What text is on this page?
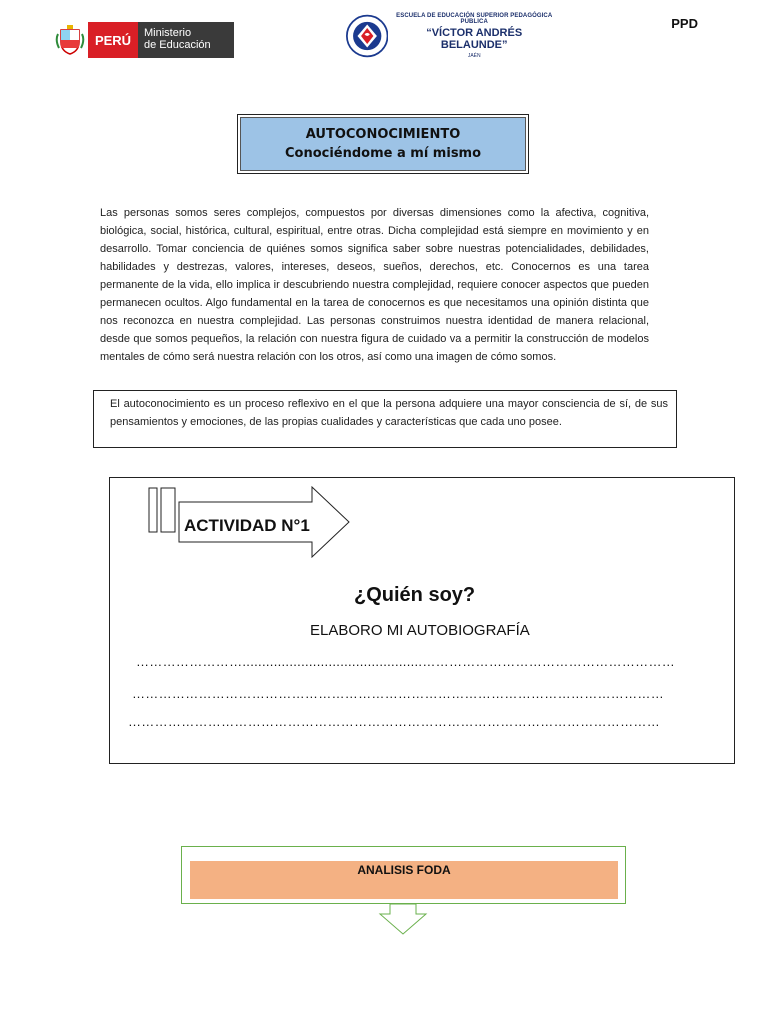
PERÚ	Ministerio
de Educación
ESCUELA DE EDUCACIÓN SUPERIOR PEDAGÓGICA PÚBLICA
“VÍCTOR ANDRÉS BELAUNDE”
JAÉN
PPD
AUTOCONOCIMIENTO
Conociéndome a mí mismo

Las personas somos seres complejos, compuestos por diversas dimensiones como la afectiva, cognitiva, biológica, social, histórica, cultural, espiritual, entre otras. Dicha complejidad está siempre en movimiento y en desarrollo. Tomar conciencia de quiénes somos significa saber sobre nuestras potencialidades, debilidades, habilidades y destrezas, valores, intereses, deseos, sueños, derechos, etc. Conocernos es una tarea permanente de la vida, ello implica ir descubriendo nuestra complejidad, requiere conocer aspectos que pueden permanecen ocultos. Algo fundamental en la tarea de conocernos es que necesitamos una opinión distinta que nos reconozca en nuestra complejidad. Las personas construimos nuestra identidad de manera relacional, desde que somos pequeños, la relación con nuestra figura de cuidado va a permitir la construcción de modelos mentales de cómo será nuestra relación con los otros, así como una imagen de cómo somos.

El autoconocimiento es un proceso reflexivo en el que la persona adquiere una mayor consciencia de sí, de sus pensamientos y emociones, de las propias cualidades y características que cada uno posee.

ACTIVIDAD N°1
¿Quién soy?
ELABORO MI AUTOBIOGRAFÍA
……………………..............................................…………………………………………………
…………………………………………………………………………………………………………
…………………………………………………………………………………………………………
ANALISIS FODA
